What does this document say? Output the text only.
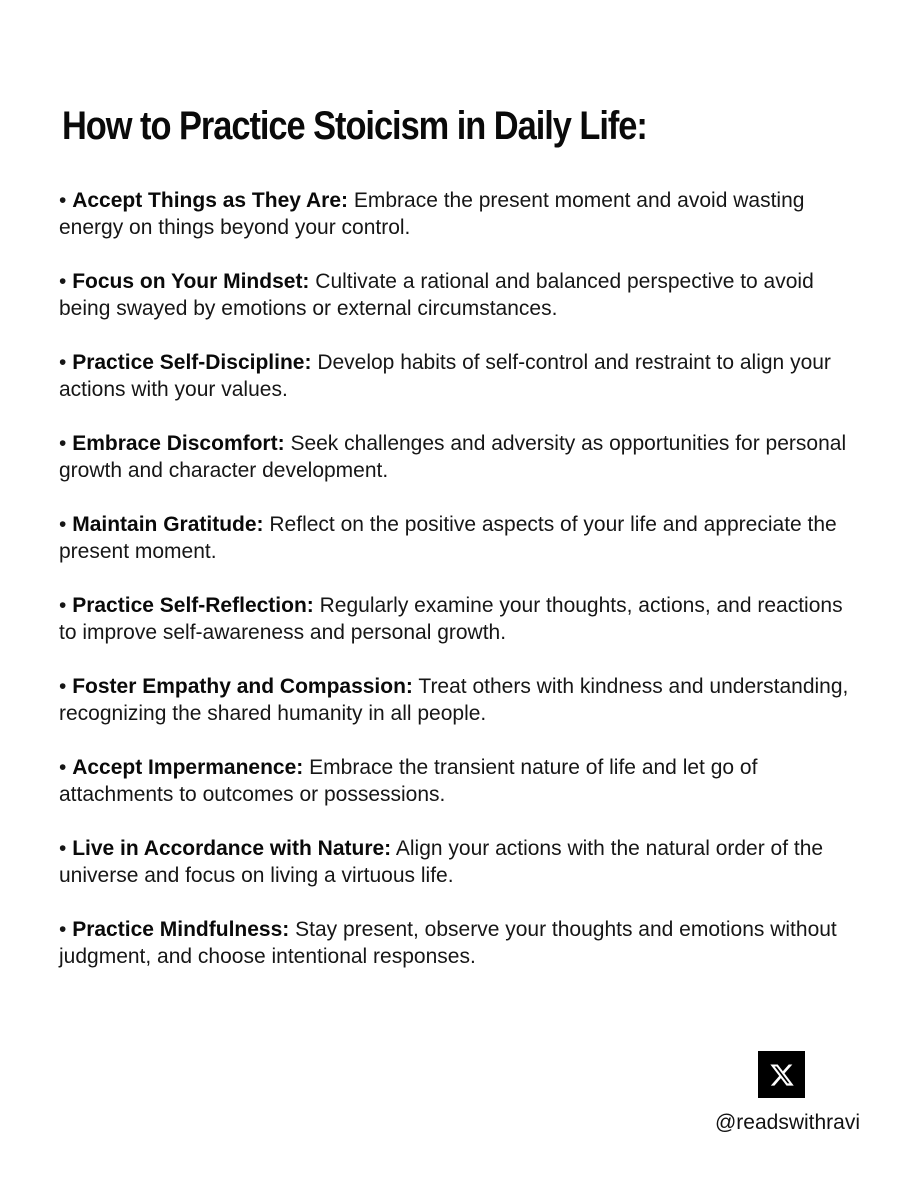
How to Practice Stoicism in Daily Life:
• Accept Things as They Are: Embrace the present moment and avoid wasting energy on things beyond your control.
• Focus on Your Mindset: Cultivate a rational and balanced perspective to avoid being swayed by emotions or external circumstances.
• Practice Self-Discipline: Develop habits of self-control and restraint to align your actions with your values.
• Embrace Discomfort: Seek challenges and adversity as opportunities for personal growth and character development.
• Maintain Gratitude: Reflect on the positive aspects of your life and appreciate the present moment.
• Practice Self-Reflection: Regularly examine your thoughts, actions, and reactions to improve self-awareness and personal growth.
• Foster Empathy and Compassion: Treat others with kindness and understanding, recognizing the shared humanity in all people.
• Accept Impermanence: Embrace the transient nature of life and let go of attachments to outcomes or possessions.
• Live in Accordance with Nature: Align your actions with the natural order of the universe and focus on living a virtuous life.
• Practice Mindfulness: Stay present, observe your thoughts and emotions without judgment, and choose intentional responses.

@readswithravi
